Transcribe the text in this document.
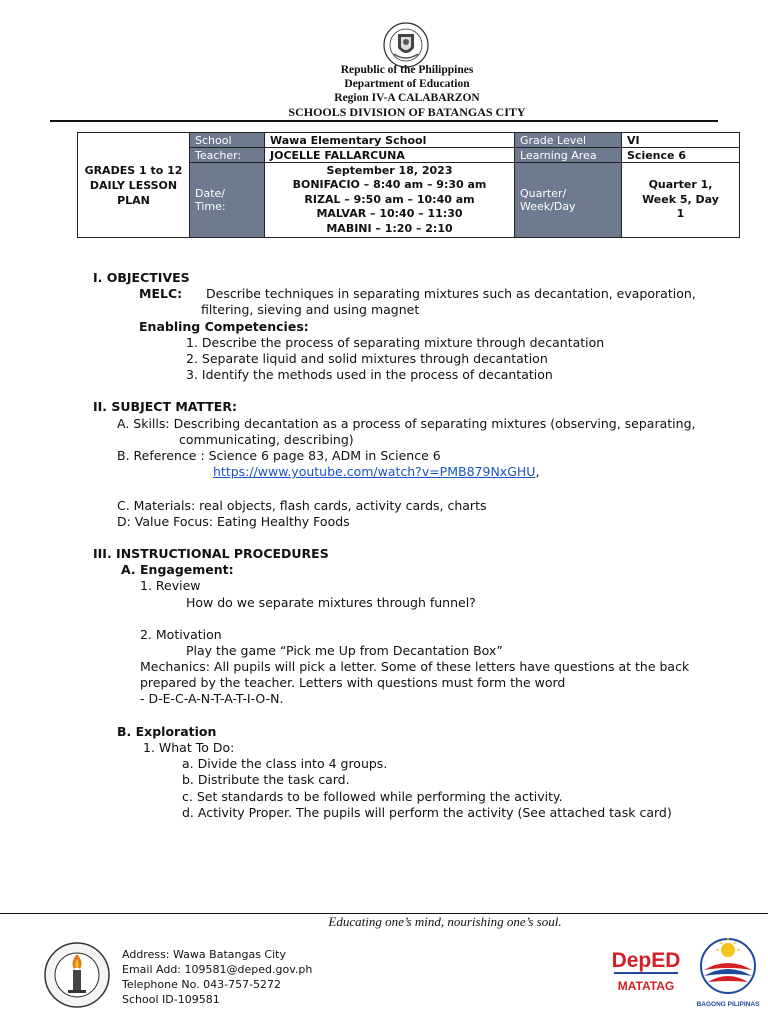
Republic of the Philippines
Department of Education
Region IV-A CALABARZON
SCHOOLS DIVISION OF BATANGAS CITY
GRADES 1 to 12 DAILY LESSON PLAN	School	Wawa Elementary School	Grade Level	VI
	Teacher:	JOCELLE FALLARCUNA	Learning Area	Science 6
	Date/ Time:	September 18, 2023
BONIFACIO – 8:40 am – 9:30 am
RIZAL – 9:50 am – 10:40 am
MALVAR – 10:40 – 11:30
MABINI – 1:20 – 2:10	Quarter/ Week/Day	Quarter 1, Week 5, Day 1
I. OBJECTIVES
MELC: Describe techniques in separating mixtures such as decantation, evaporation,
filtering, sieving and using magnet
Enabling Competencies:
1. Describe the process of separating mixture through decantation
2. Separate liquid and solid mixtures through decantation
3. Identify the methods used in the process of decantation
II. SUBJECT MATTER:
A. Skills: Describing decantation as a process of separating mixtures (observing, separating,
communicating, describing)
B. Reference : Science 6 page 83, ADM in Science 6
https://www.youtube.com/watch?v=PMB879NxGHU,
C. Materials: real objects, flash cards, activity cards, charts
D: Value Focus: Eating Healthy Foods
III. INSTRUCTIONAL PROCEDURES
A. Engagement:
1. Review
How do we separate mixtures through funnel?
2. Motivation
Play the game “Pick me Up from Decantation Box”
Mechanics: All pupils will pick a letter. Some of these letters have questions at the back
prepared by the teacher. Letters with questions must form the word
- D-E-C-A-N-T-A-T-I-O-N.
B. Exploration
1. What To Do:
a. Divide the class into 4 groups.
b. Distribute the task card.
c. Set standards to be followed while performing the activity.
d. Activity Proper. The pupils will perform the activity (See attached task card)
Educating one’s mind, nourishing one’s soul.
Address: Wawa Batangas City
Email Add: 109581@deped.gov.ph
Telephone No. 043-757-5272
School ID-109581
DepED
MATATAG
BAGONG PILIPINAS
